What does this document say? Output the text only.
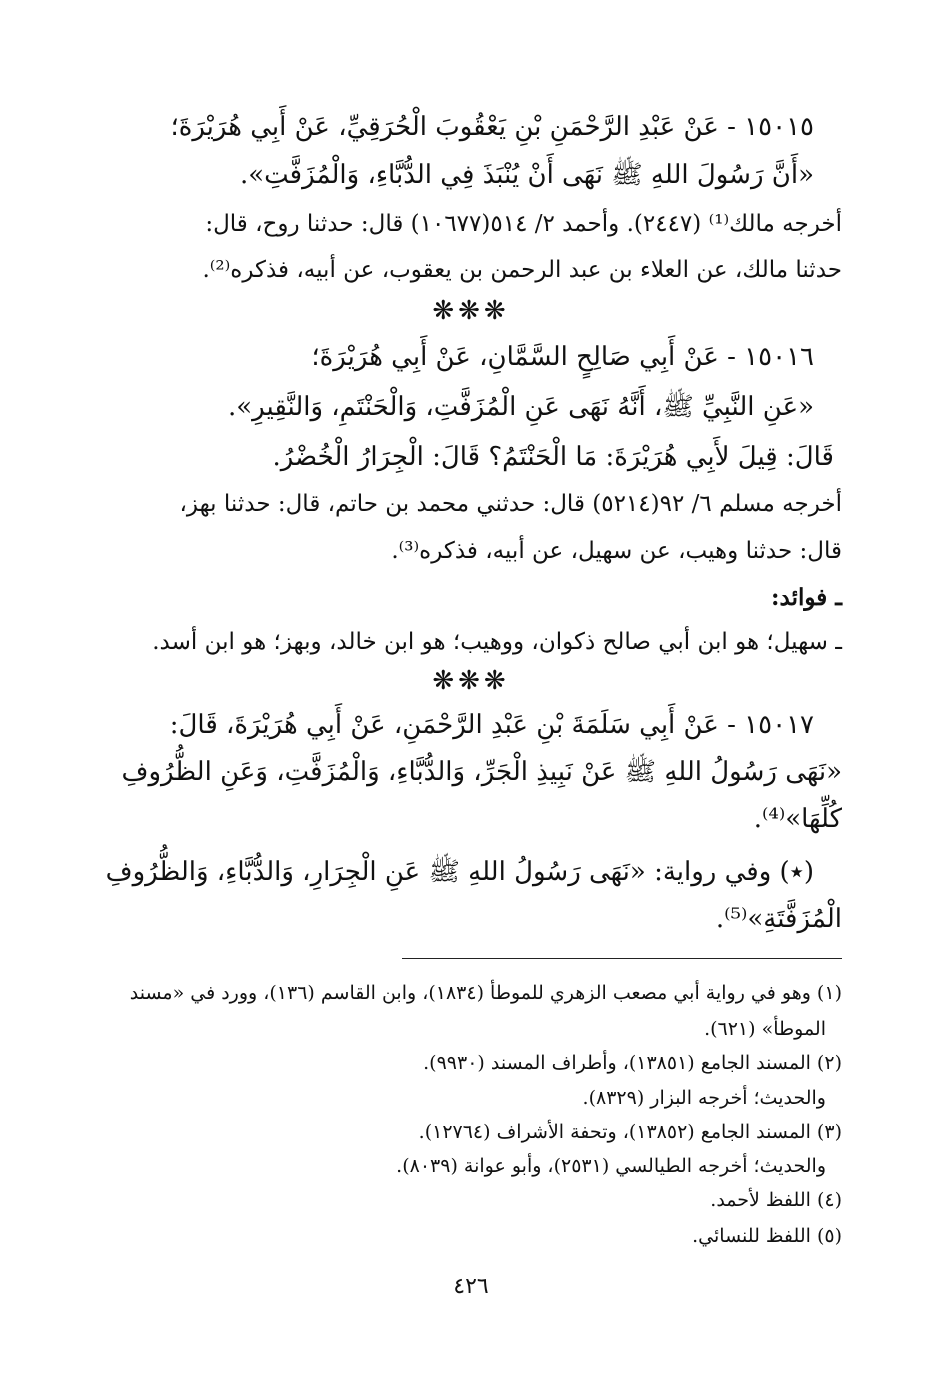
١٥٠١٥ - عَنْ عَبْدِ الرَّحْمَنِ بْنِ يَعْقُوبَ الْحُرَقِيِّ، عَنْ أَبِي هُرَيْرَةَ؛
«أَنَّ رَسُولَ اللهِ ﷺ نَهَى أَنْ يُنْبَذَ فِي الدُّبَّاءِ، وَالْمُزَفَّتِ».
أخرجه مالك⁽¹⁾ (٢٤٤٧). وأحمد ٢/ ٥١٤(١٠٦٧٧) قال: حدثنا روح، قال:
حدثنا مالك، عن العلاء بن عبد الرحمن بن يعقوب، عن أبيه، فذكره⁽²⁾.
❋❋❋
١٥٠١٦ - عَنْ أَبِي صَالِحٍ السَّمَّانِ، عَنْ أَبِي هُرَيْرَةَ؛
«عَنِ النَّبِيِّ ﷺ، أَنَّهُ نَهَى عَنِ الْمُزَفَّتِ، وَالْحَنْتَمِ، وَالنَّقِيرِ».
قَالَ: قِيلَ لأَبِي هُرَيْرَةَ: مَا الْحَنْتَمُ؟ قَالَ: الْجِرَارُ الْخُضْرُ.
أخرجه مسلم ٦/ ٩٢(٥٢١٤) قال: حدثني محمد بن حاتم، قال: حدثنا بهز،
قال: حدثنا وهيب، عن سهيل، عن أبيه، فذكره⁽³⁾.
ـ فوائد:
ـ سهيل؛ هو ابن أبي صالح ذكوان، ووهيب؛ هو ابن خالد، وبهز؛ هو ابن أسد.
❋❋❋
١٥٠١٧ - عَنْ أَبِي سَلَمَةَ بْنِ عَبْدِ الرَّحْمَنِ، عَنْ أَبِي هُرَيْرَةَ، قَالَ:
«نَهَى رَسُولُ اللهِ ﷺ عَنْ نَبِيذِ الْجَرِّ، وَالدُّبَّاءِ، وَالْمُزَفَّتِ، وَعَنِ الظُّرُوفِ
كُلِّهَا»⁽⁴⁾.
(٭) وفي رواية: «نَهَى رَسُولُ اللهِ ﷺ عَنِ الْجِرَارِ، وَالدُّبَّاءِ، وَالظُّرُوفِ
الْمُزَفَّتَةِ»⁽⁵⁾.
(١) وهو في رواية أبي مصعب الزهري للموطأ (١٨٣٤)، وابن القاسم (١٣٦)، وورد في «مسند
الموطأ» (٦٢١).
(٢) المسند الجامع (١٣٨٥١)، وأطراف المسند (٩٩٣٠).
والحديث؛ أخرجه البزار (٨٣٢٩).
(٣) المسند الجامع (١٣٨٥٢)، وتحفة الأشراف (١٢٧٦٤).
والحديث؛ أخرجه الطيالسي (٢٥٣١)، وأبو عوانة (٨٠٣٩).
(٤) اللفظ لأحمد.
(٥) اللفظ للنسائي.
٤٢٦
